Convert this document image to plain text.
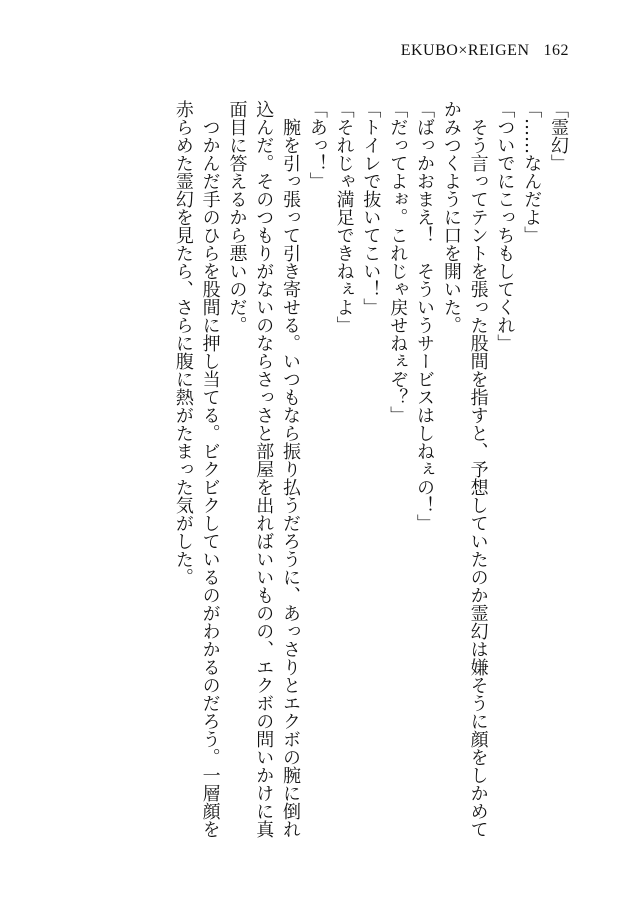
EKUBO×REIGEN 162
「霊幻」
「……なんだよ」
「ついでにこっちもしてくれ」
　そう言ってテントを張った股間を指すと、予想していたのか霊幻は嫌そうに顔をしかめて
かみつくように口を開いた。
「ばっかおまえ！　そういうサービスはしねぇの！」
「だってよぉ。これじゃ戻せねぇぞ？」
「トイレで抜いてこい！」
「それじゃ満足できねぇよ」
「あっ！」
　腕を引っ張って引き寄せる。いつもなら振り払うだろうに、あっさりとエクボの腕に倒れ
込んだ。そのつもりがないのならさっさと部屋を出ればいいものの、エクボの問いかけに真
面目に答えるから悪いのだ。
　つかんだ手のひらを股間に押し当てる。ビクビクしているのがわかるのだろう。一層顔を
赤らめた霊幻を見たら、さらに腹に熱がたまった気がした。
